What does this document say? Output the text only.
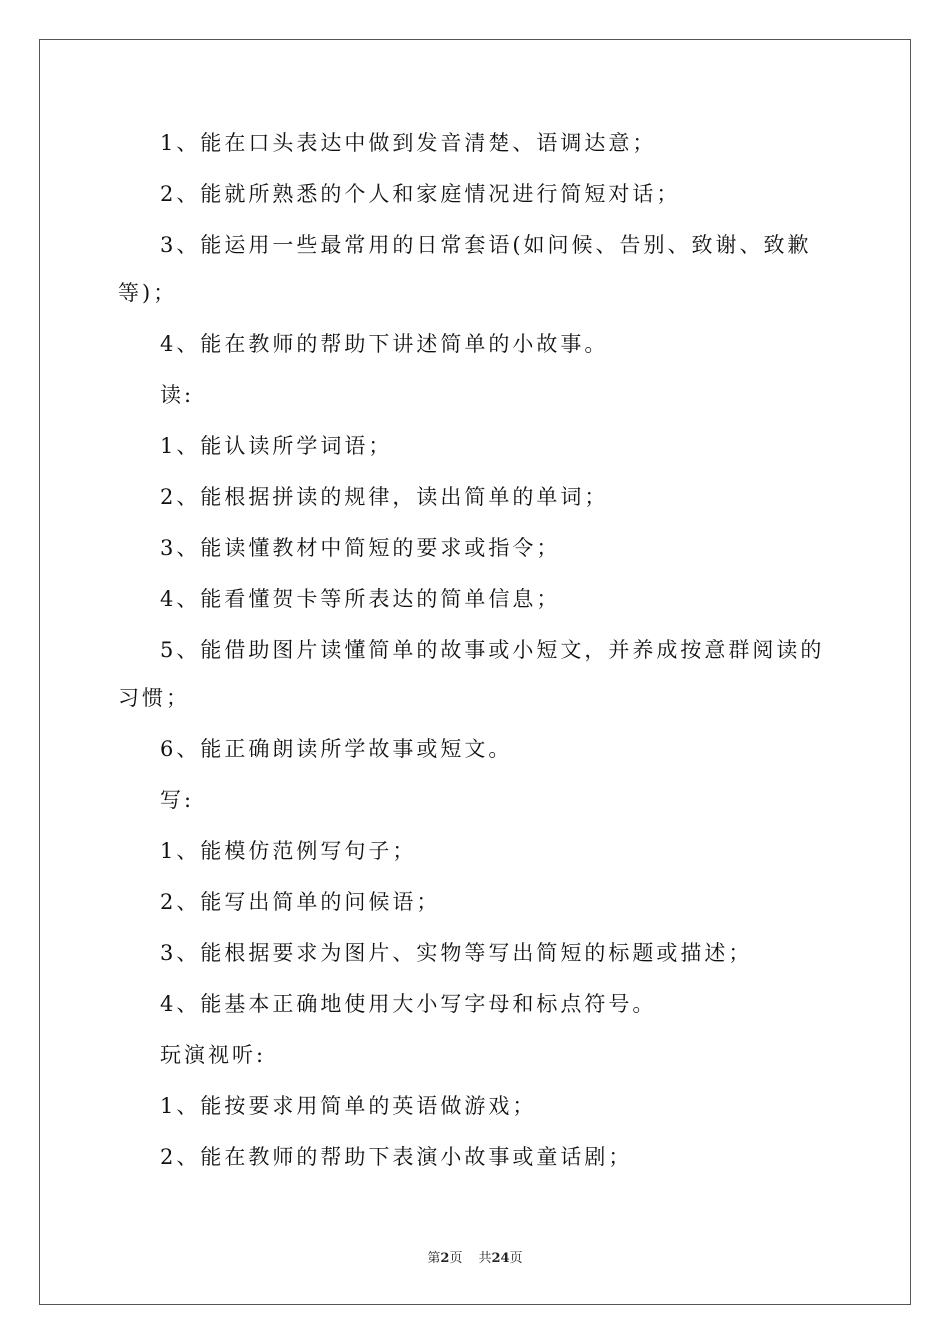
1、能在口头表达中做到发音清楚、语调达意；

2、能就所熟悉的个人和家庭情况进行简短对话；

3、能运用一些最常用的日常套语(如问候、告别、致谢、致歉等)；

4、能在教师的帮助下讲述简单的小故事。

读:

1、能认读所学词语；

2、能根据拼读的规律，读出简单的单词；

3、能读懂教材中简短的要求或指令；

4、能看懂贺卡等所表达的简单信息；

5、能借助图片读懂简单的故事或小短文，并养成按意群阅读的习惯；

6、能正确朗读所学故事或短文。

写:

1、能模仿范例写句子；

2、能写出简单的问候语；

3、能根据要求为图片、实物等写出简短的标题或描述；

4、能基本正确地使用大小写字母和标点符号。

玩演视听:

1、能按要求用简单的英语做游戏；

2、能在教师的帮助下表演小故事或童话剧；

第2页 共24页
